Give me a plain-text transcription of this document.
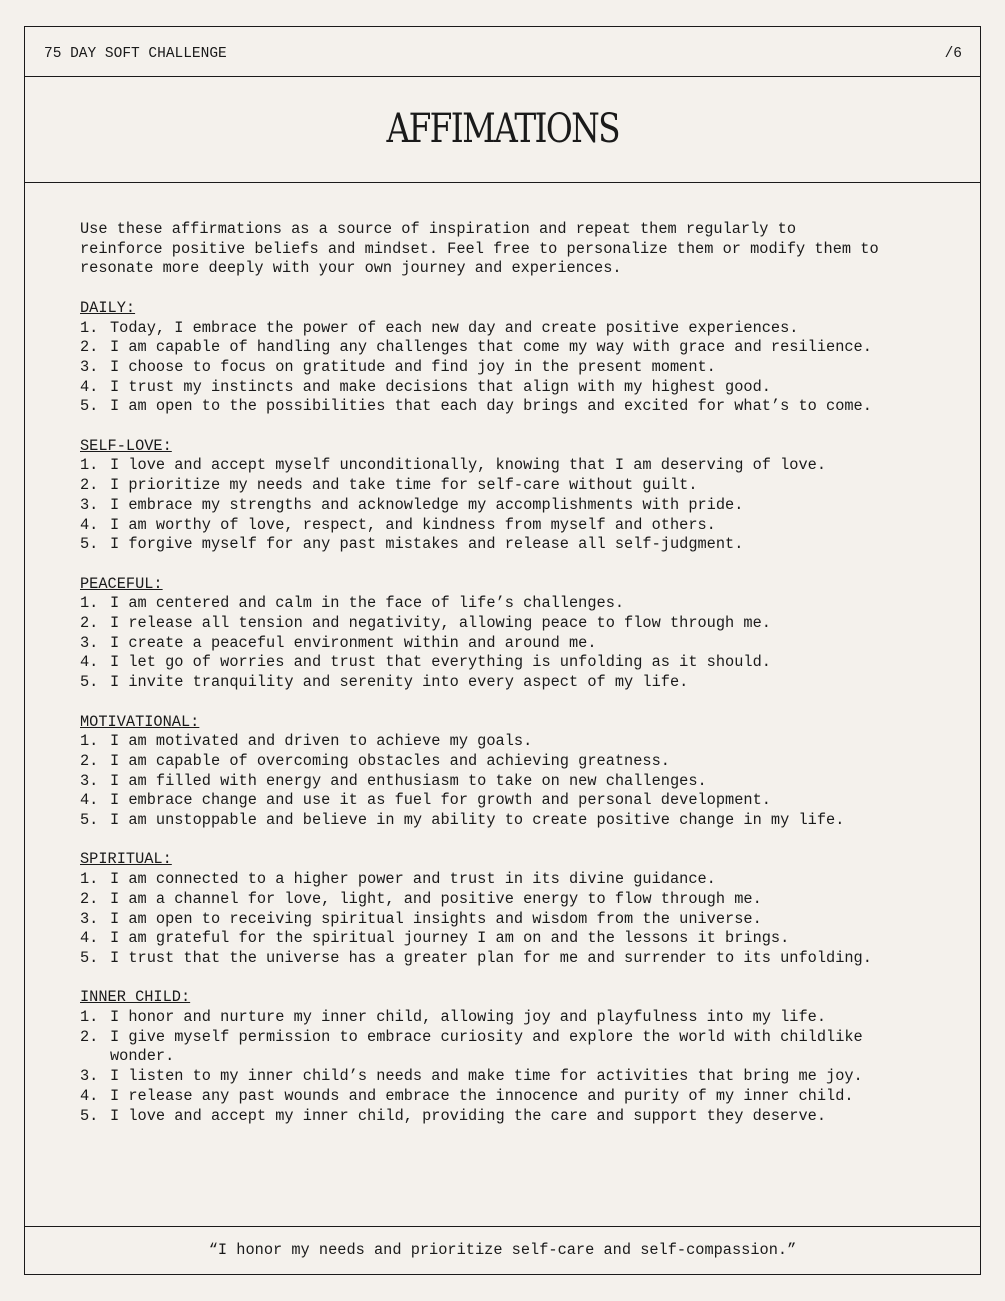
75 DAY SOFT CHALLENGE	/6
AFFIMATIONS
“I honor my needs and prioritize self-care and self-compassion.”

Use these affirmations as a source of inspiration and repeat them regularly to reinforce positive beliefs and mindset. Feel free to personalize them or modify them to resonate more deeply with your own journey and experiences.

DAILY:
1. Today, I embrace the power of each new day and create positive experiences.
2. I am capable of handling any challenges that come my way with grace and resilience.
3. I choose to focus on gratitude and find joy in the present moment.
4. I trust my instincts and make decisions that align with my highest good.
5. I am open to the possibilities that each day brings and excited for what’s to come.
SELF-LOVE:
1. I love and accept myself unconditionally, knowing that I am deserving of love.
2. I prioritize my needs and take time for self-care without guilt.
3. I embrace my strengths and acknowledge my accomplishments with pride.
4. I am worthy of love, respect, and kindness from myself and others.
5. I forgive myself for any past mistakes and release all self-judgment.
PEACEFUL:
1. I am centered and calm in the face of life’s challenges.
2. I release all tension and negativity, allowing peace to flow through me.
3. I create a peaceful environment within and around me.
4. I let go of worries and trust that everything is unfolding as it should.
5. I invite tranquility and serenity into every aspect of my life.
MOTIVATIONAL:
1. I am motivated and driven to achieve my goals.
2. I am capable of overcoming obstacles and achieving greatness.
3. I am filled with energy and enthusiasm to take on new challenges.
4. I embrace change and use it as fuel for growth and personal development.
5. I am unstoppable and believe in my ability to create positive change in my life.
SPIRITUAL:
1. I am connected to a higher power and trust in its divine guidance.
2. I am a channel for love, light, and positive energy to flow through me.
3. I am open to receiving spiritual insights and wisdom from the universe.
4. I am grateful for the spiritual journey I am on and the lessons it brings.
5. I trust that the universe has a greater plan for me and surrender to its unfolding.
INNER CHILD:
1. I honor and nurture my inner child, allowing joy and playfulness into my life.
2. I give myself permission to embrace curiosity and explore the world with childlike wonder.
3. I listen to my inner child’s needs and make time for activities that bring me joy.
4. I release any past wounds and embrace the innocence and purity of my inner child.
5. I love and accept my inner child, providing the care and support they deserve.
